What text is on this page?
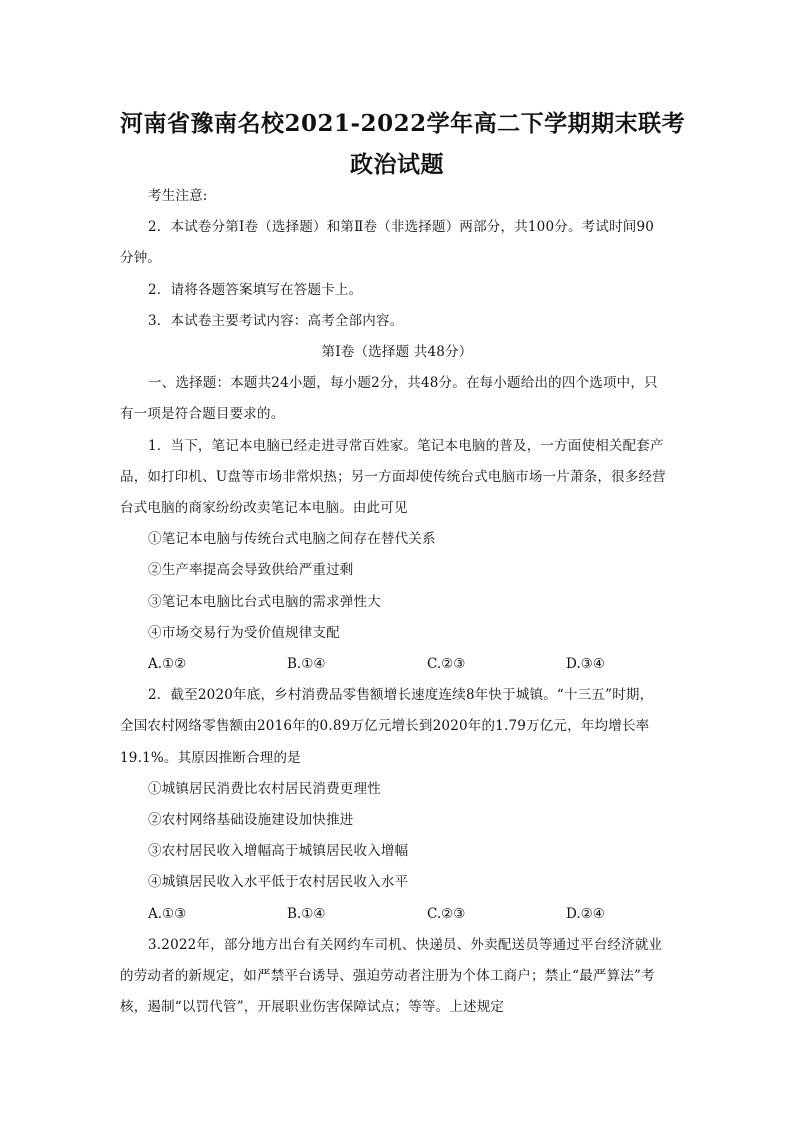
河南省豫南名校2021-2022学年高二下学期期末联考
政治试题
考生注意:
2．本试卷分第Ⅰ卷（选择题）和第Ⅱ卷（非选择题）两部分，共100分。考试时间90
分钟。
2．请将各题答案填写在答题卡上。
3．本试卷主要考试内容：高考全部内容。
第Ⅰ卷（选择题 共48分）
一、选择题：本题共24小题，每小题2分，共48分。在每小题给出的四个选项中，只
有一项是符合题目要求的。
1．当下，笔记本电脑已经走进寻常百姓家。笔记本电脑的普及，一方面使相关配套产
品，如打印机、U盘等市场非常炽热；另一方面却使传统台式电脑市场一片萧条，很多经营
台式电脑的商家纷纷改卖笔记本电脑。由此可见
①笔记本电脑与传统台式电脑之间存在替代关系
②生产率提高会导致供给严重过剩
③笔记本电脑比台式电脑的需求弹性大
④市场交易行为受价值规律支配
A.①②	B.①④	C.②③	D.③④
2．截至2020年底，乡村消费品零售额增长速度连续8年快于城镇。“十三五”时期，
全国农村网络零售额由2016年的0.89万亿元增长到2020年的1.79万亿元，年均增长率
19.1%。其原因推断合理的是
①城镇居民消费比农村居民消费更理性
②农村网络基础设施建设加快推进
③农村居民收入增幅高于城镇居民收入增幅
④城镇居民收入水平低于农村居民收入水平
A.①③	B.①④	C.②③	D.②④
3.2022年，部分地方出台有关网约车司机、快递员、外卖配送员等通过平台经济就业
的劳动者的新规定，如严禁平台诱导、强迫劳动者注册为个体工商户；禁止“最严算法”考
核，遏制“以罚代管”，开展职业伤害保障试点；等等。上述规定
